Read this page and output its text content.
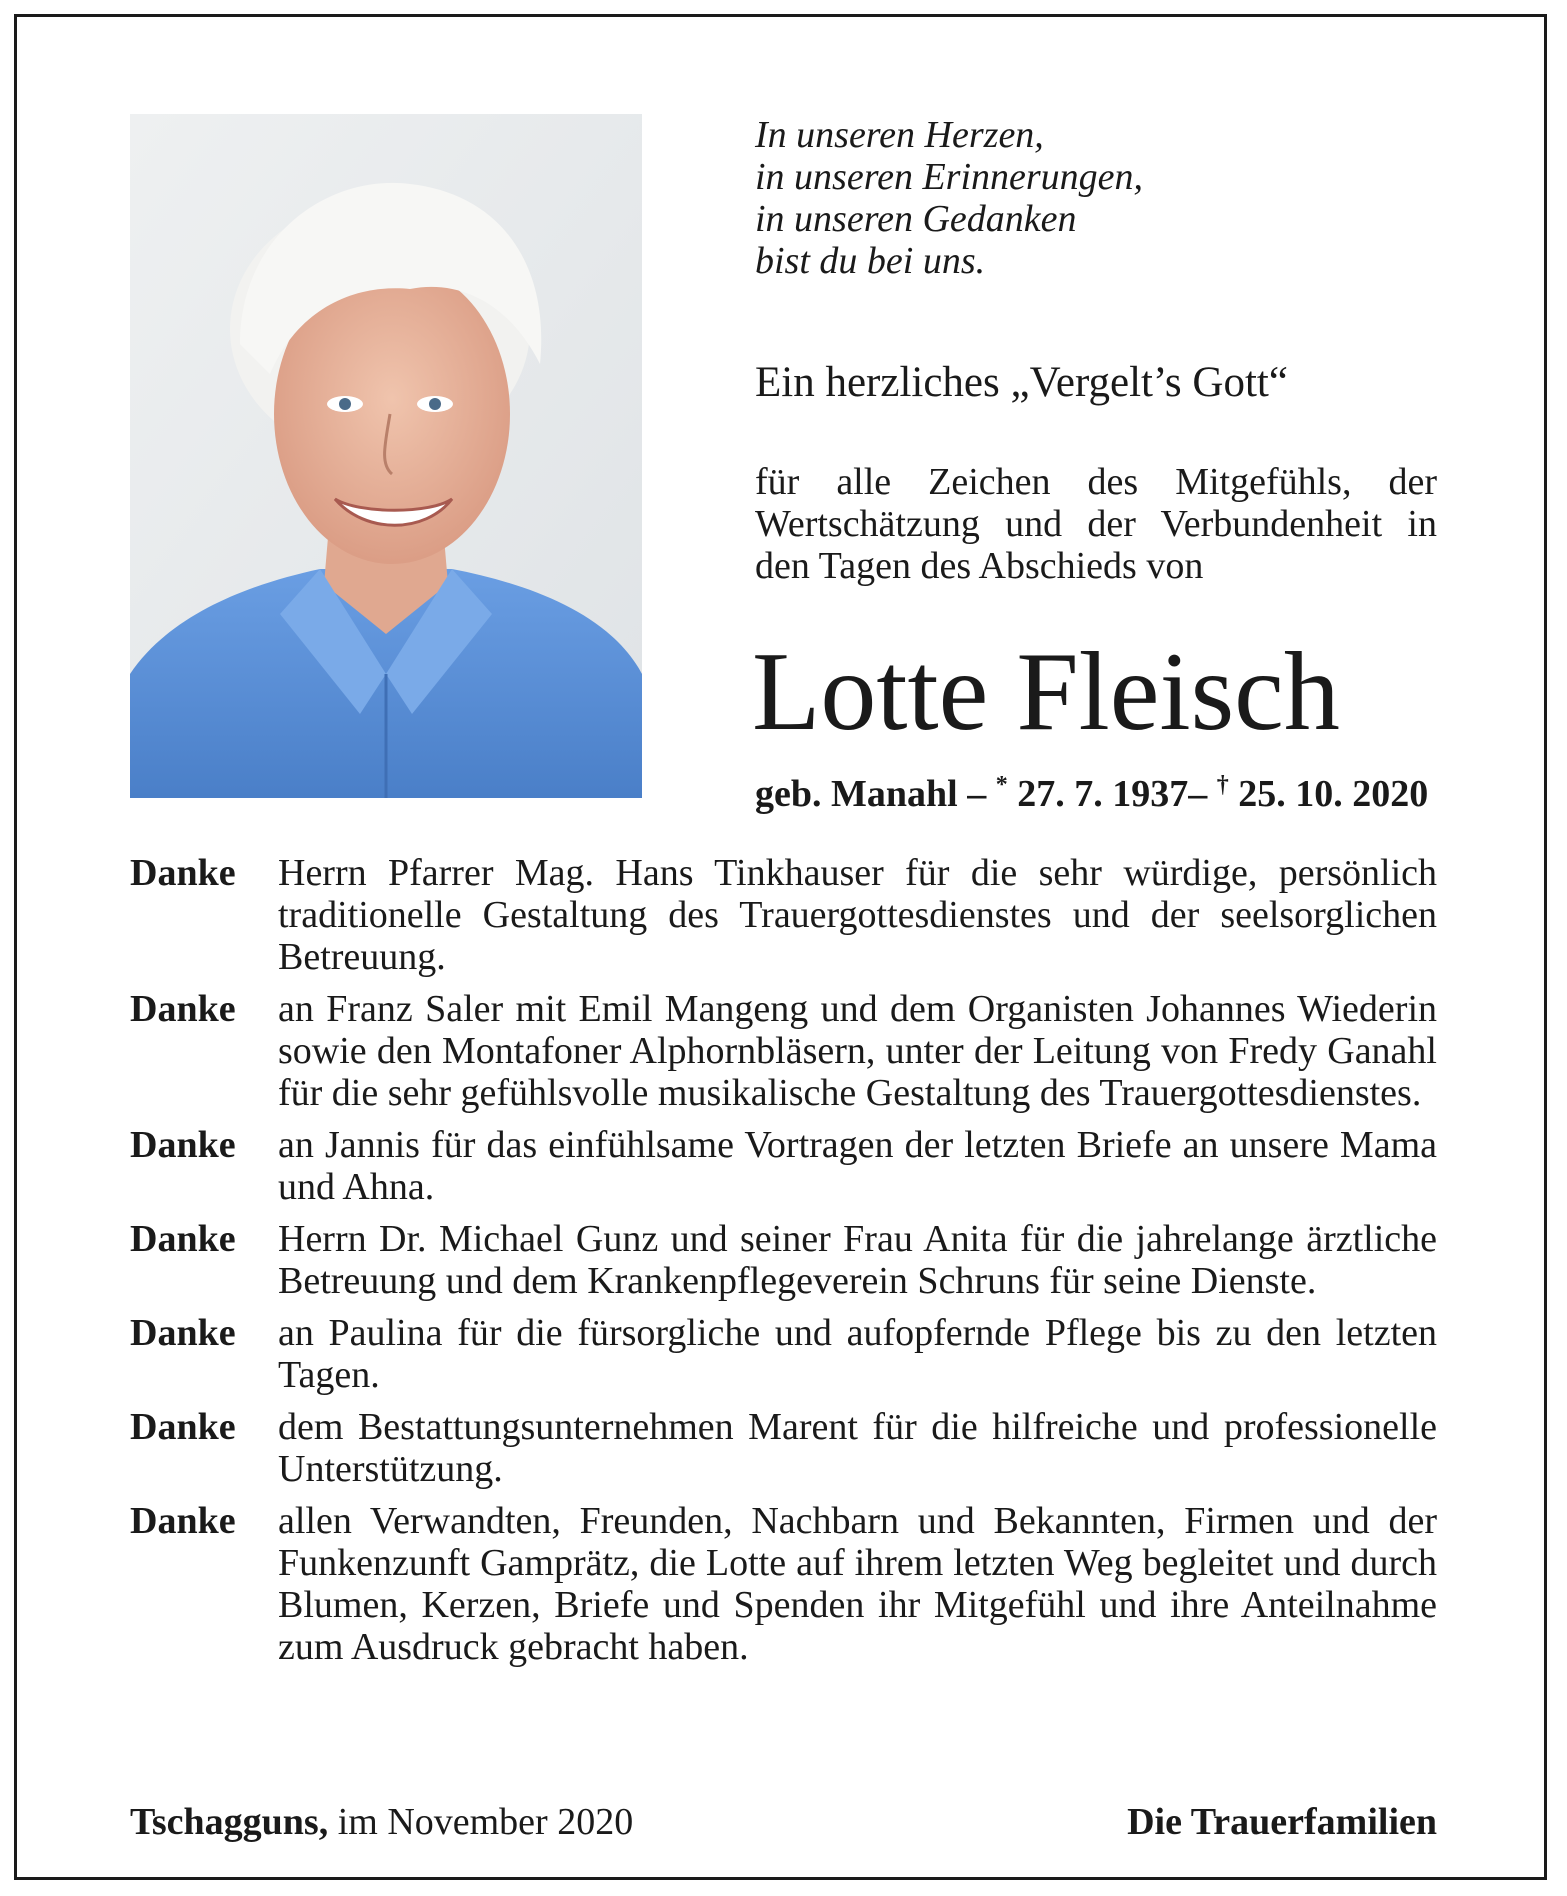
In unseren Herzen,
in unseren Erinnerungen,
in unseren Gedanken
bist du bei uns.
Ein herzliches „Vergelt’s Gott“
für alle Zeichen des Mitgefühls, der Wertschätzung und der Verbundenheit in den Tagen des Abschieds von
Lotte Fleisch
geb. Manahl – * 27. 7. 1937– † 25. 10. 2020
Danke	Herrn Pfarrer Mag. Hans Tinkhauser für die sehr würdige, persönlich traditionelle Gestaltung des Trauergottesdienstes und der seelsorglichen Betreuung.
Danke	an Franz Saler mit Emil Mangeng und dem Organisten Johannes Wiederin sowie den Montafoner Alphornbläsern, unter der Leitung von Fredy Ganahl für die sehr gefühlsvolle musikalische Gestaltung des Trauergottesdienstes.
Danke	an Jannis für das einfühlsame Vortragen der letzten Briefe an unsere Mama und Ahna.
Danke	Herrn Dr. Michael Gunz und seiner Frau Anita für die jahrelange ärztliche Betreuung und dem Krankenpflegeverein Schruns für seine Dienste.
Danke	an Paulina für die fürsorgliche und aufopfernde Pflege bis zu den letzten Tagen.
Danke	dem Bestattungsunternehmen Marent für die hilfreiche und professionelle Unterstützung.
Danke	allen Verwandten, Freunden, Nachbarn und Bekannten, Firmen und der Funkenzunft Gamprätz, die Lotte auf ihrem letzten Weg begleitet und durch Blumen, Kerzen, Briefe und Spenden ihr Mitgefühl und ihre Anteilnahme zum Ausdruck gebracht haben.
Tschagguns, im November 2020	Die Trauerfamilien
